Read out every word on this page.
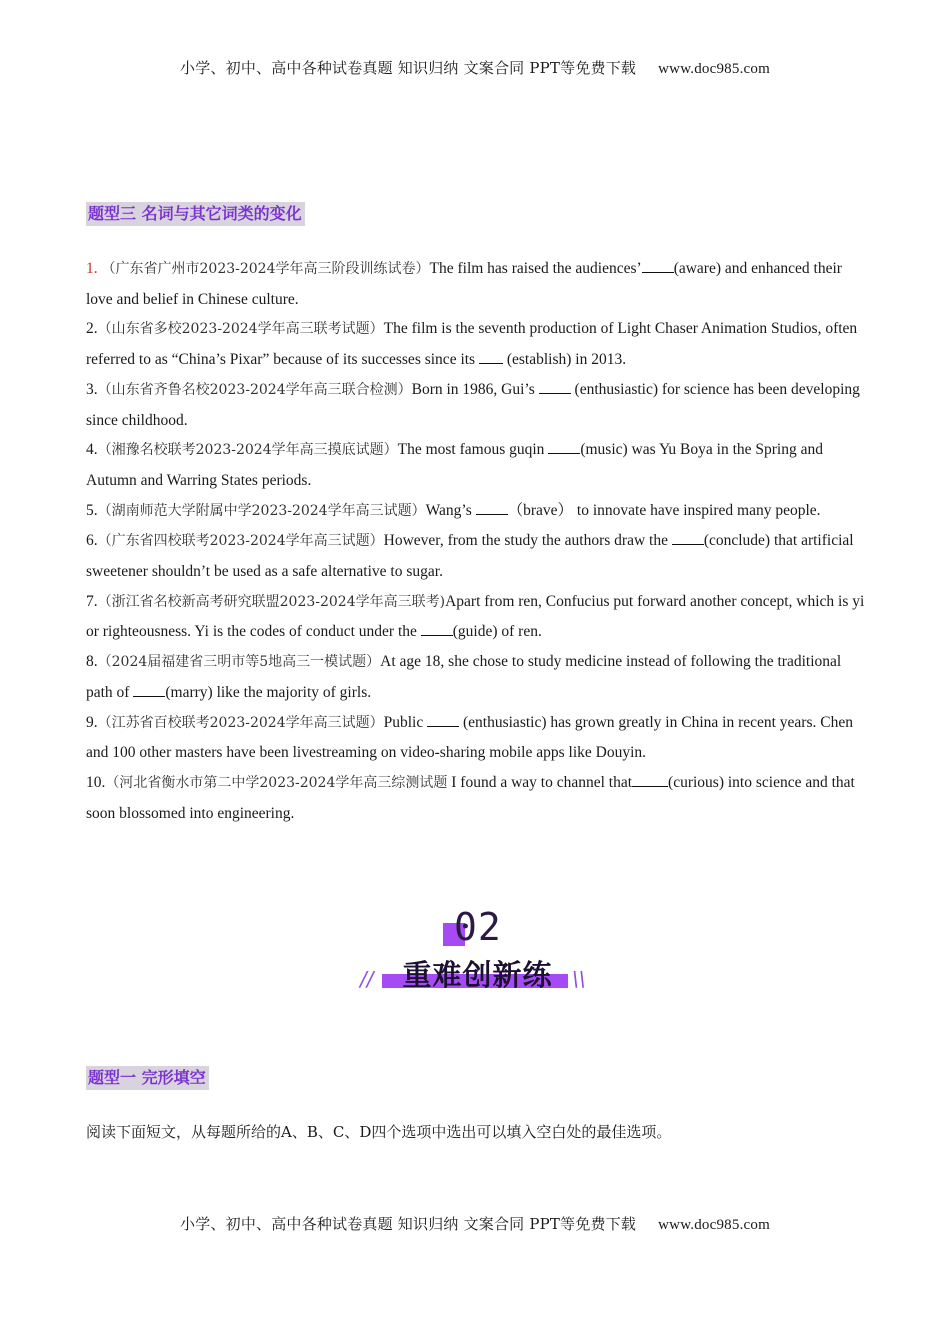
小学、初中、高中各种试卷真题 知识归纳 文案合同 PPT等免费下载 www.doc985.com
题型三 名词与其它词类的变化

1. （广东省广州市2023-2024学年高三阶段训练试卷）The film has raised the audiences’ (aware) and enhanced their love and belief in Chinese culture.

2.（山东省多校2023-2024学年高三联考试题）The film is the seventh production of Light Chaser Animation Studios, often referred to as “China’s Pixar” because of its successes since its  (establish) in 2013.

3.（山东省齐鲁名校2023-2024学年高三联合检测）Born in 1986, Gui’s  (enthusiastic) for science has been developing since childhood.

4.（湘豫名校联考2023-2024学年高三摸底试题）The most famous guqin (music) was Yu Boya in the Spring and Autumn and Warring States periods.

5.（湖南师范大学附属中学2023-2024学年高三试题）Wang’s （brave） to innovate have inspired many people.

6.（广东省四校联考2023-2024学年高三试题）However, from the study the authors draw the (conclude) that artificial sweetener shouldn’t be used as a safe alternative to sugar.

7.（浙江省名校新高考研究联盟2023-2024学年高三联考)Apart from ren, Confucius put forward another concept, which is yi or righteousness. Yi is the codes of conduct under the (guide) of ren.

8.（2024届福建省三明市等5地高三一模试题）At age 18, she chose to study medicine instead of following the traditional path of (marry) like the majority of girls.

9.（江苏省百校联考2023-2024学年高三试题）Public  (enthusiastic) has grown greatly in China in recent years. Chen and 100 other masters have been livestreaming on video-sharing mobile apps like Douyin.

10.（河北省衡水市第二中学2023-2024学年高三综测试题 I found a way to channel that (curious) into science and that soon blossomed into engineering.

02
//	重难创新练 \\
题型一 完形填空
阅读下面短文，从每题所给的A、B、C、D四个选项中选出可以填入空白处的最佳选项。
小学、初中、高中各种试卷真题 知识归纳 文案合同 PPT等免费下载 www.doc985.com
